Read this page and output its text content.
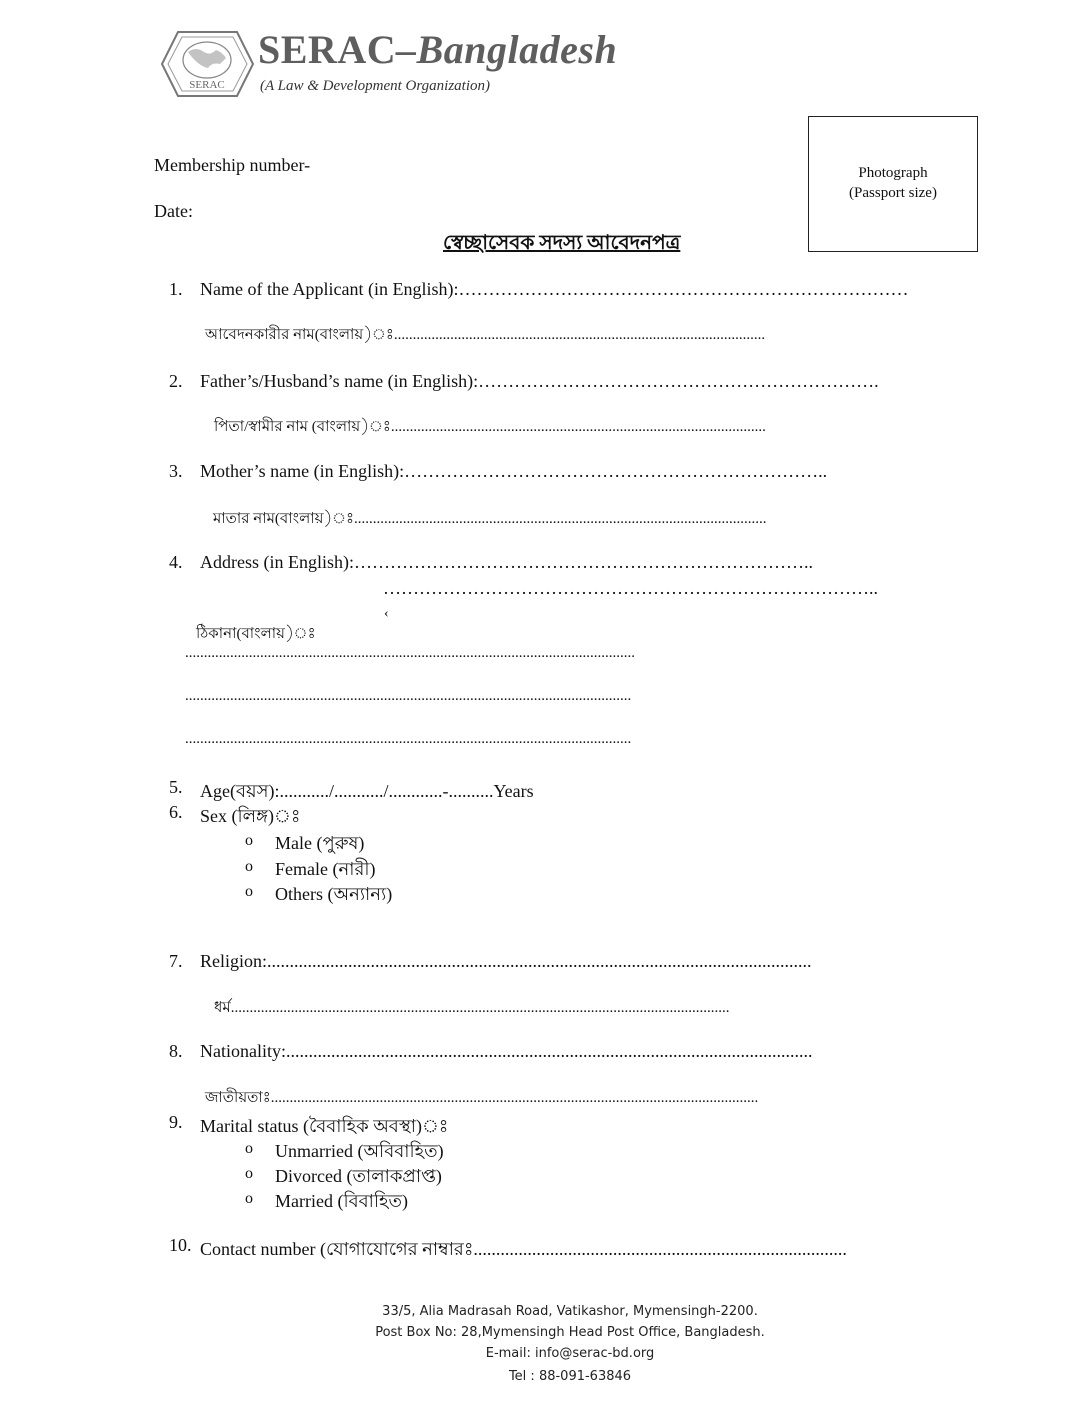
SERAC
SERAC–Bangladesh
(A Law & Development Organization)
Membership number-
Date:
Photograph
(Passport size)
স্বেচ্ছাসেবক সদস্য আবেদনপত্র
1. Name of the Applicant (in English):…………………………………………………………………
আবেদনকারীর নাম(বাংলায়)ঃ...................................................................................................
2. Father’s/Husband’s name (in English):………………………………………………………….
পিতা/স্বামীর নাম (বাংলায়)ঃ....................................................................................................
3. Mother’s name (in English):……………………………………………………………..
মাতার নাম(বাংলায়)ঃ..............................................................................................................
4. Address (in English):…………………………………………………………………..
………………………………………………………………………..
‹
ঠিকানা(বাংলায়)ঃ
........................................................................................................................
.......................................................................................................................
.......................................................................................................................
5. Age(বয়স):.........../.........../............-..........Years
6. Sex (লিঙ্গ)ঃ
o Male (পুরুষ)
o Female (নারী)
o Others (অন্যান্য)
7. Religion:.........................................................................................................................
ধর্ম.....................................................................................................................................
8. Nationality:.....................................................................................................................
জাতীয়তাঃ..................................................................................................................................
9. Marital status (বৈবাহিক অবস্থা)ঃ
o Unmarried (অবিবাহিত)
o Divorced (তালাকপ্রাপ্ত)
o Married (বিবাহিত)
10. Contact number (যোগাযোগের নাম্বারঃ...................................................................................
33/5, Alia Madrasah Road, Vatikashor, Mymensingh-2200.
Post Box No: 28,Mymensingh Head Post Office, Bangladesh.
E-mail: info@serac-bd.org
Tel : 88-091-63846
